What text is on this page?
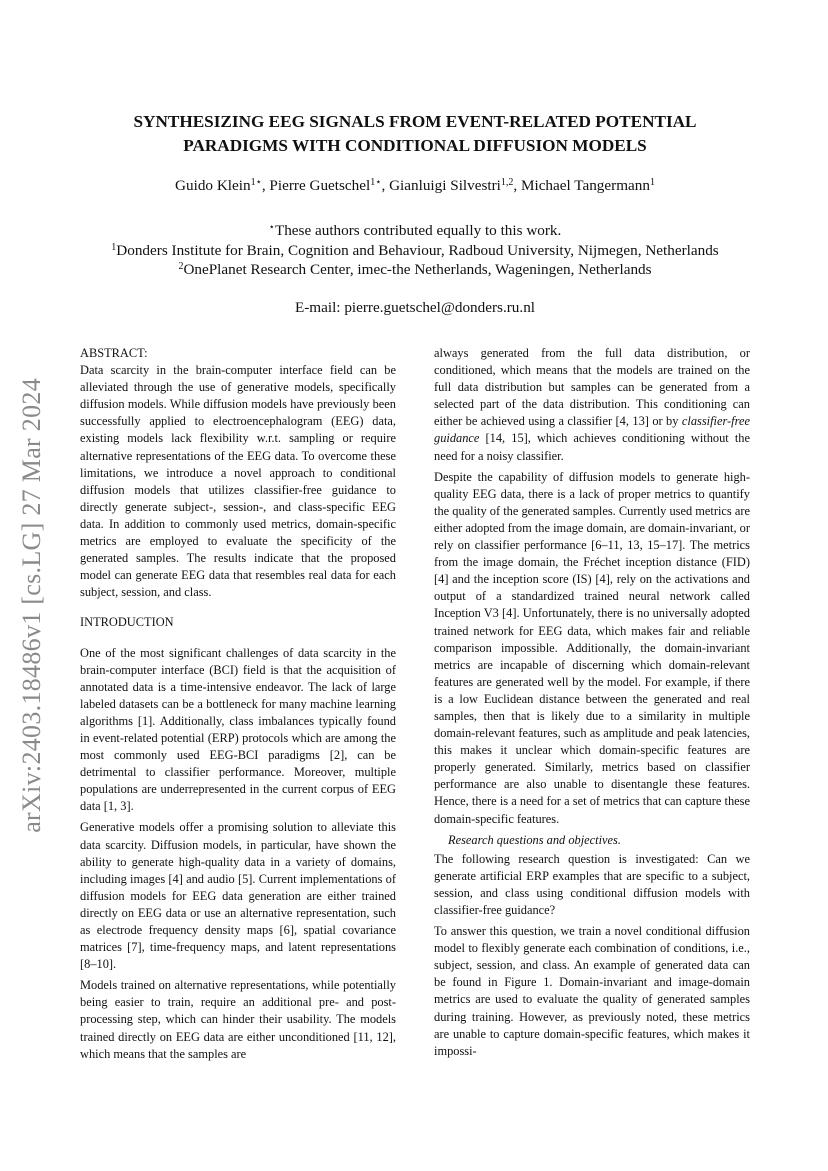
arXiv:2403.18486v1 [cs.LG] 27 Mar 2024
SYNTHESIZING EEG SIGNALS FROM EVENT-RELATED POTENTIAL
PARADIGMS WITH CONDITIONAL DIFFUSION MODELS
Guido Klein$^{1⋆}$, Pierre Guetschel$^{1⋆}$, Gianluigi Silvestri$^{1,2}$, Michael Tangermann$^1$
⋆These authors contributed equally to this work.
$^1$Donders Institute for Brain, Cognition and Behaviour, Radboud University, Nijmegen, Netherlands
$^2$OnePlanet Research Center, imec-the Netherlands, Wageningen, Netherlands
E-mail: pierre.guetschel@donders.ru.nl

ABSTRACT:

Data scarcity in the brain-computer interface field can be alleviated through the use of generative models, specifically diffusion models. While diffusion models have previously been successfully applied to electroencephalogram (EEG) data, existing models lack flexibility w.r.t. sampling or require alternative representations of the EEG data. To overcome these limitations, we introduce a novel approach to conditional diffusion models that utilizes classifier-free guidance to directly generate subject-, session-, and class-specific EEG data. In addition to commonly used metrics, domain-specific metrics are employed to evaluate the specificity of the generated samples. The results indicate that the proposed model can generate EEG data that resembles real data for each subject, session, and class.

INTRODUCTION

One of the most significant challenges of data scarcity in the brain-computer interface (BCI) field is that the acquisition of annotated data is a time-intensive endeavor. The lack of large labeled datasets can be a bottleneck for many machine learning algorithms [1]. Additionally, class imbalances typically found in event-related potential (ERP) protocols which are among the most commonly used EEG-BCI paradigms [2], can be detrimental to classifier performance. Moreover, multiple populations are underrepresented in the current corpus of EEG data [1, 3].

Generative models offer a promising solution to alleviate this data scarcity. Diffusion models, in particular, have shown the ability to generate high-quality data in a variety of domains, including images [4] and audio [5]. Current implementations of diffusion models for EEG data generation are either trained directly on EEG data or use an alternative representation, such as electrode frequency density maps [6], spatial covariance matrices [7], time-frequency maps, and latent representations [8–10].

Models trained on alternative representations, while potentially being easier to train, require an additional pre- and post-processing step, which can hinder their usability. The models trained directly on EEG data are either unconditioned [11, 12], which means that the samples are

always generated from the full data distribution, or conditioned, which means that the models are trained on the full data distribution but samples can be generated from a selected part of the data distribution. This conditioning can either be achieved using a classifier [4, 13] or by classifier-free guidance [14, 15], which achieves conditioning without the need for a noisy classifier.

Despite the capability of diffusion models to generate high-quality EEG data, there is a lack of proper metrics to quantify the quality of the generated samples. Currently used metrics are either adopted from the image domain, are domain-invariant, or rely on classifier performance [6–11, 13, 15–17]. The metrics from the image domain, the Fréchet inception distance (FID) [4] and the inception score (IS) [4], rely on the activations and output of a standardized trained neural network called Inception V3 [4]. Unfortunately, there is no universally adopted trained network for EEG data, which makes fair and reliable comparison impossible. Additionally, the domain-invariant metrics are incapable of discerning which domain-relevant features are generated well by the model. For example, if there is a low Euclidean distance between the generated and real samples, then that is likely due to a similarity in multiple domain-relevant features, such as amplitude and peak latencies, this makes it unclear which domain-specific features are properly generated. Similarly, metrics based on classifier performance are also unable to disentangle these features. Hence, there is a need for a set of metrics that can capture these domain-specific features.

Research questions and objectives.

The following research question is investigated: Can we generate artificial ERP examples that are specific to a subject, session, and class using conditional diffusion models with classifier-free guidance?

To answer this question, we train a novel conditional diffusion model to flexibly generate each combination of conditions, i.e., subject, session, and class. An example of generated data can be found in Figure 1. Domain-invariant and image-domain metrics are used to evaluate the quality of generated samples during training. However, as previously noted, these metrics are unable to capture domain-specific features, which makes it impossi-
